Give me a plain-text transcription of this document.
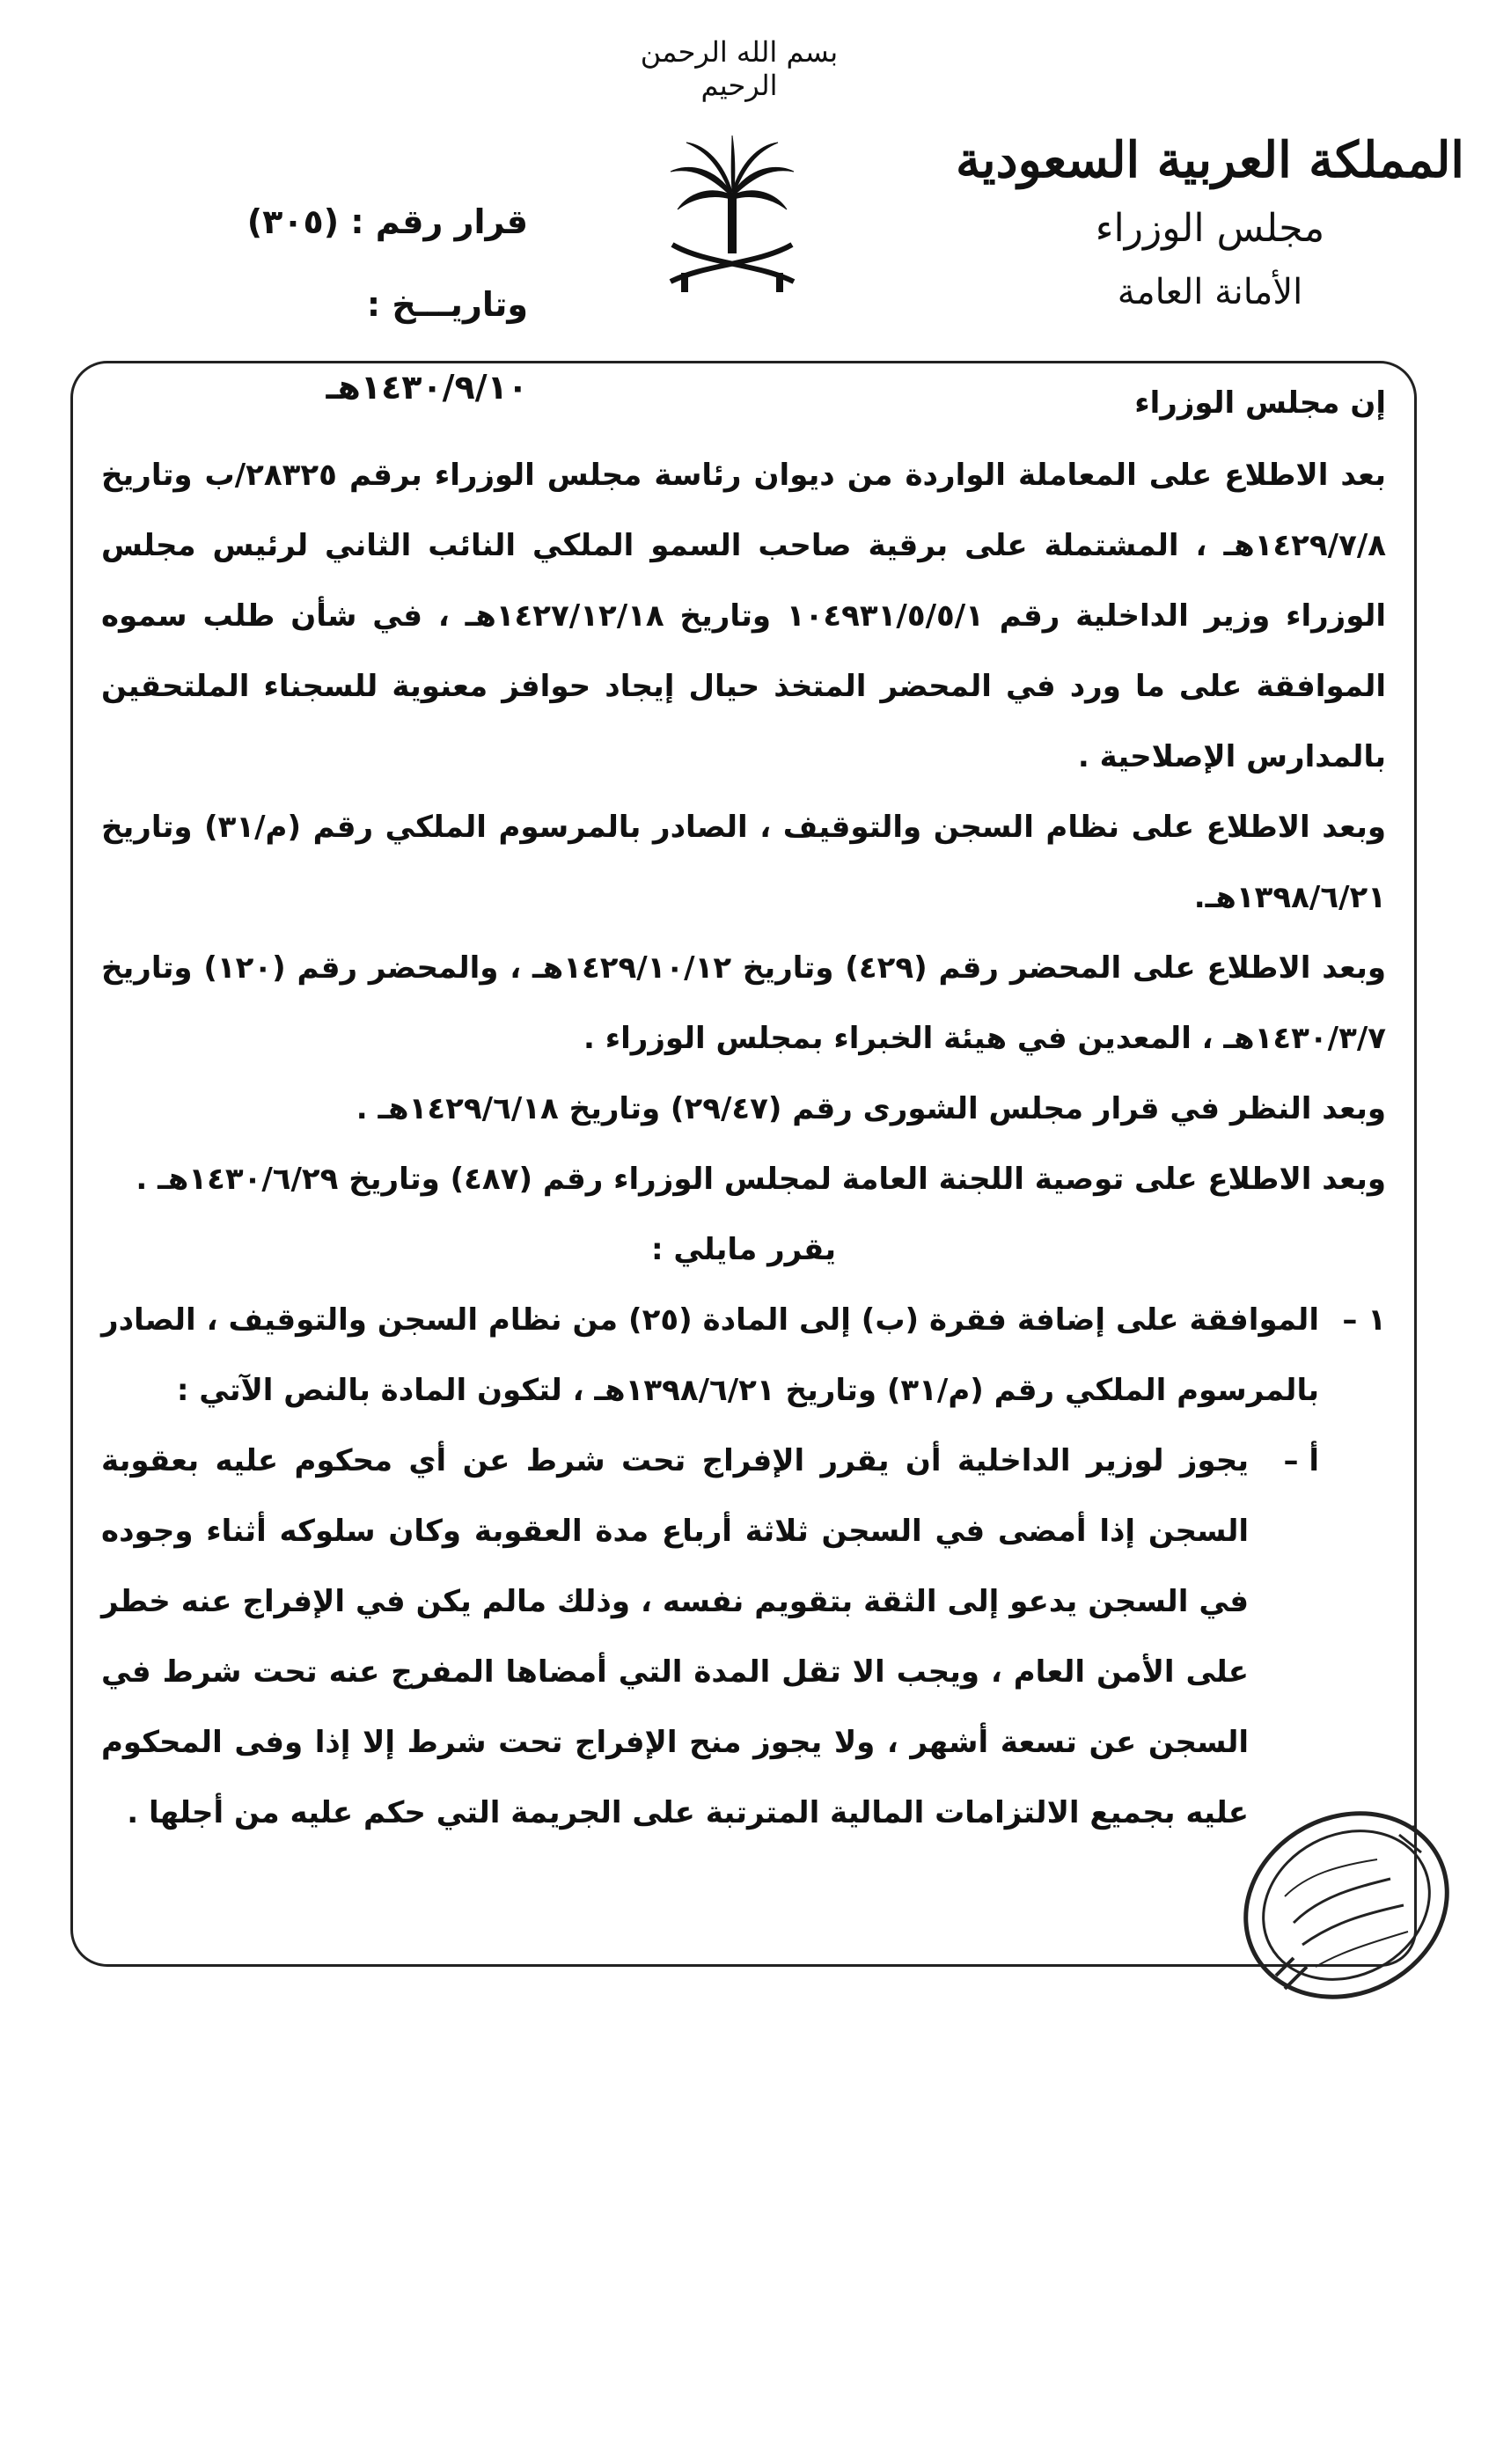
بسم الله الرحمن الرحيم
المملكة العربية السعودية
مجلس الوزراء
الأمانة العامة
قرار رقم : (٣٠٥)
وتاريـــخ : ١٤٣٠/٩/١٠هـ	إن مجلس الوزراء

بعد الاطلاع على المعاملة الواردة من ديوان رئاسة مجلس الوزراء برقم ٢٨٣٢٥/ب وتاريخ ١٤٢٩/٧/٨هـ ، المشتملة على برقية صاحب السمو الملكي النائب الثاني لرئيس مجلس الوزراء وزير الداخلية رقم ١٠٤٩٣١/٥/٥/١ وتاريخ ١٤٢٧/١٢/١٨هـ ، في شأن طلب سموه الموافقة على ما ورد في المحضر المتخذ حيال إيجاد حوافز معنوية للسجناء الملتحقين بالمدارس الإصلاحية .

وبعد الاطلاع على نظام السجن والتوقيف ، الصادر بالمرسوم الملكي رقم (م/٣١) وتاريخ ١٣٩٨/٦/٢١هـ.

وبعد الاطلاع على المحضر رقم (٤٢٩) وتاريخ ١٤٢٩/١٠/١٢هـ ، والمحضر رقم (١٢٠) وتاريخ ١٤٣٠/٣/٧هـ ، المعدين في هيئة الخبراء بمجلس الوزراء .

وبعد النظر في قرار مجلس الشورى رقم (٢٩/٤٧) وتاريخ ١٤٢٩/٦/١٨هـ .

وبعد الاطلاع على توصية اللجنة العامة لمجلس الوزراء رقم (٤٨٧) وتاريخ ١٤٣٠/٦/٢٩هـ .

يقرر مايلي :

١ –
الموافقة على إضافة فقرة (ب) إلى المادة (٢٥) من نظام السجن والتوقيف ، الصادر بالمرسوم الملكي رقم (م/٣١) وتاريخ ١٣٩٨/٦/٢١هـ ، لتكون المادة بالنص الآتي :
أ –
يجوز لوزير الداخلية أن يقرر الإفراج تحت شرط عن أي محكوم عليه بعقوبة السجن إذا أمضى في السجن ثلاثة أرباع مدة العقوبة وكان سلوكه أثناء وجوده في السجن يدعو إلى الثقة بتقويم نفسه ، وذلك مالم يكن في الإفراج عنه خطر على الأمن العام ، ويجب الا تقل المدة التي أمضاها المفرج عنه تحت شرط في السجن عن تسعة أشهر ، ولا يجوز منح الإفراج تحت شرط إلا إذا وفى المحكوم عليه بجميع الالتزامات المالية المترتبة على الجريمة التي حكم عليه من أجلها .
